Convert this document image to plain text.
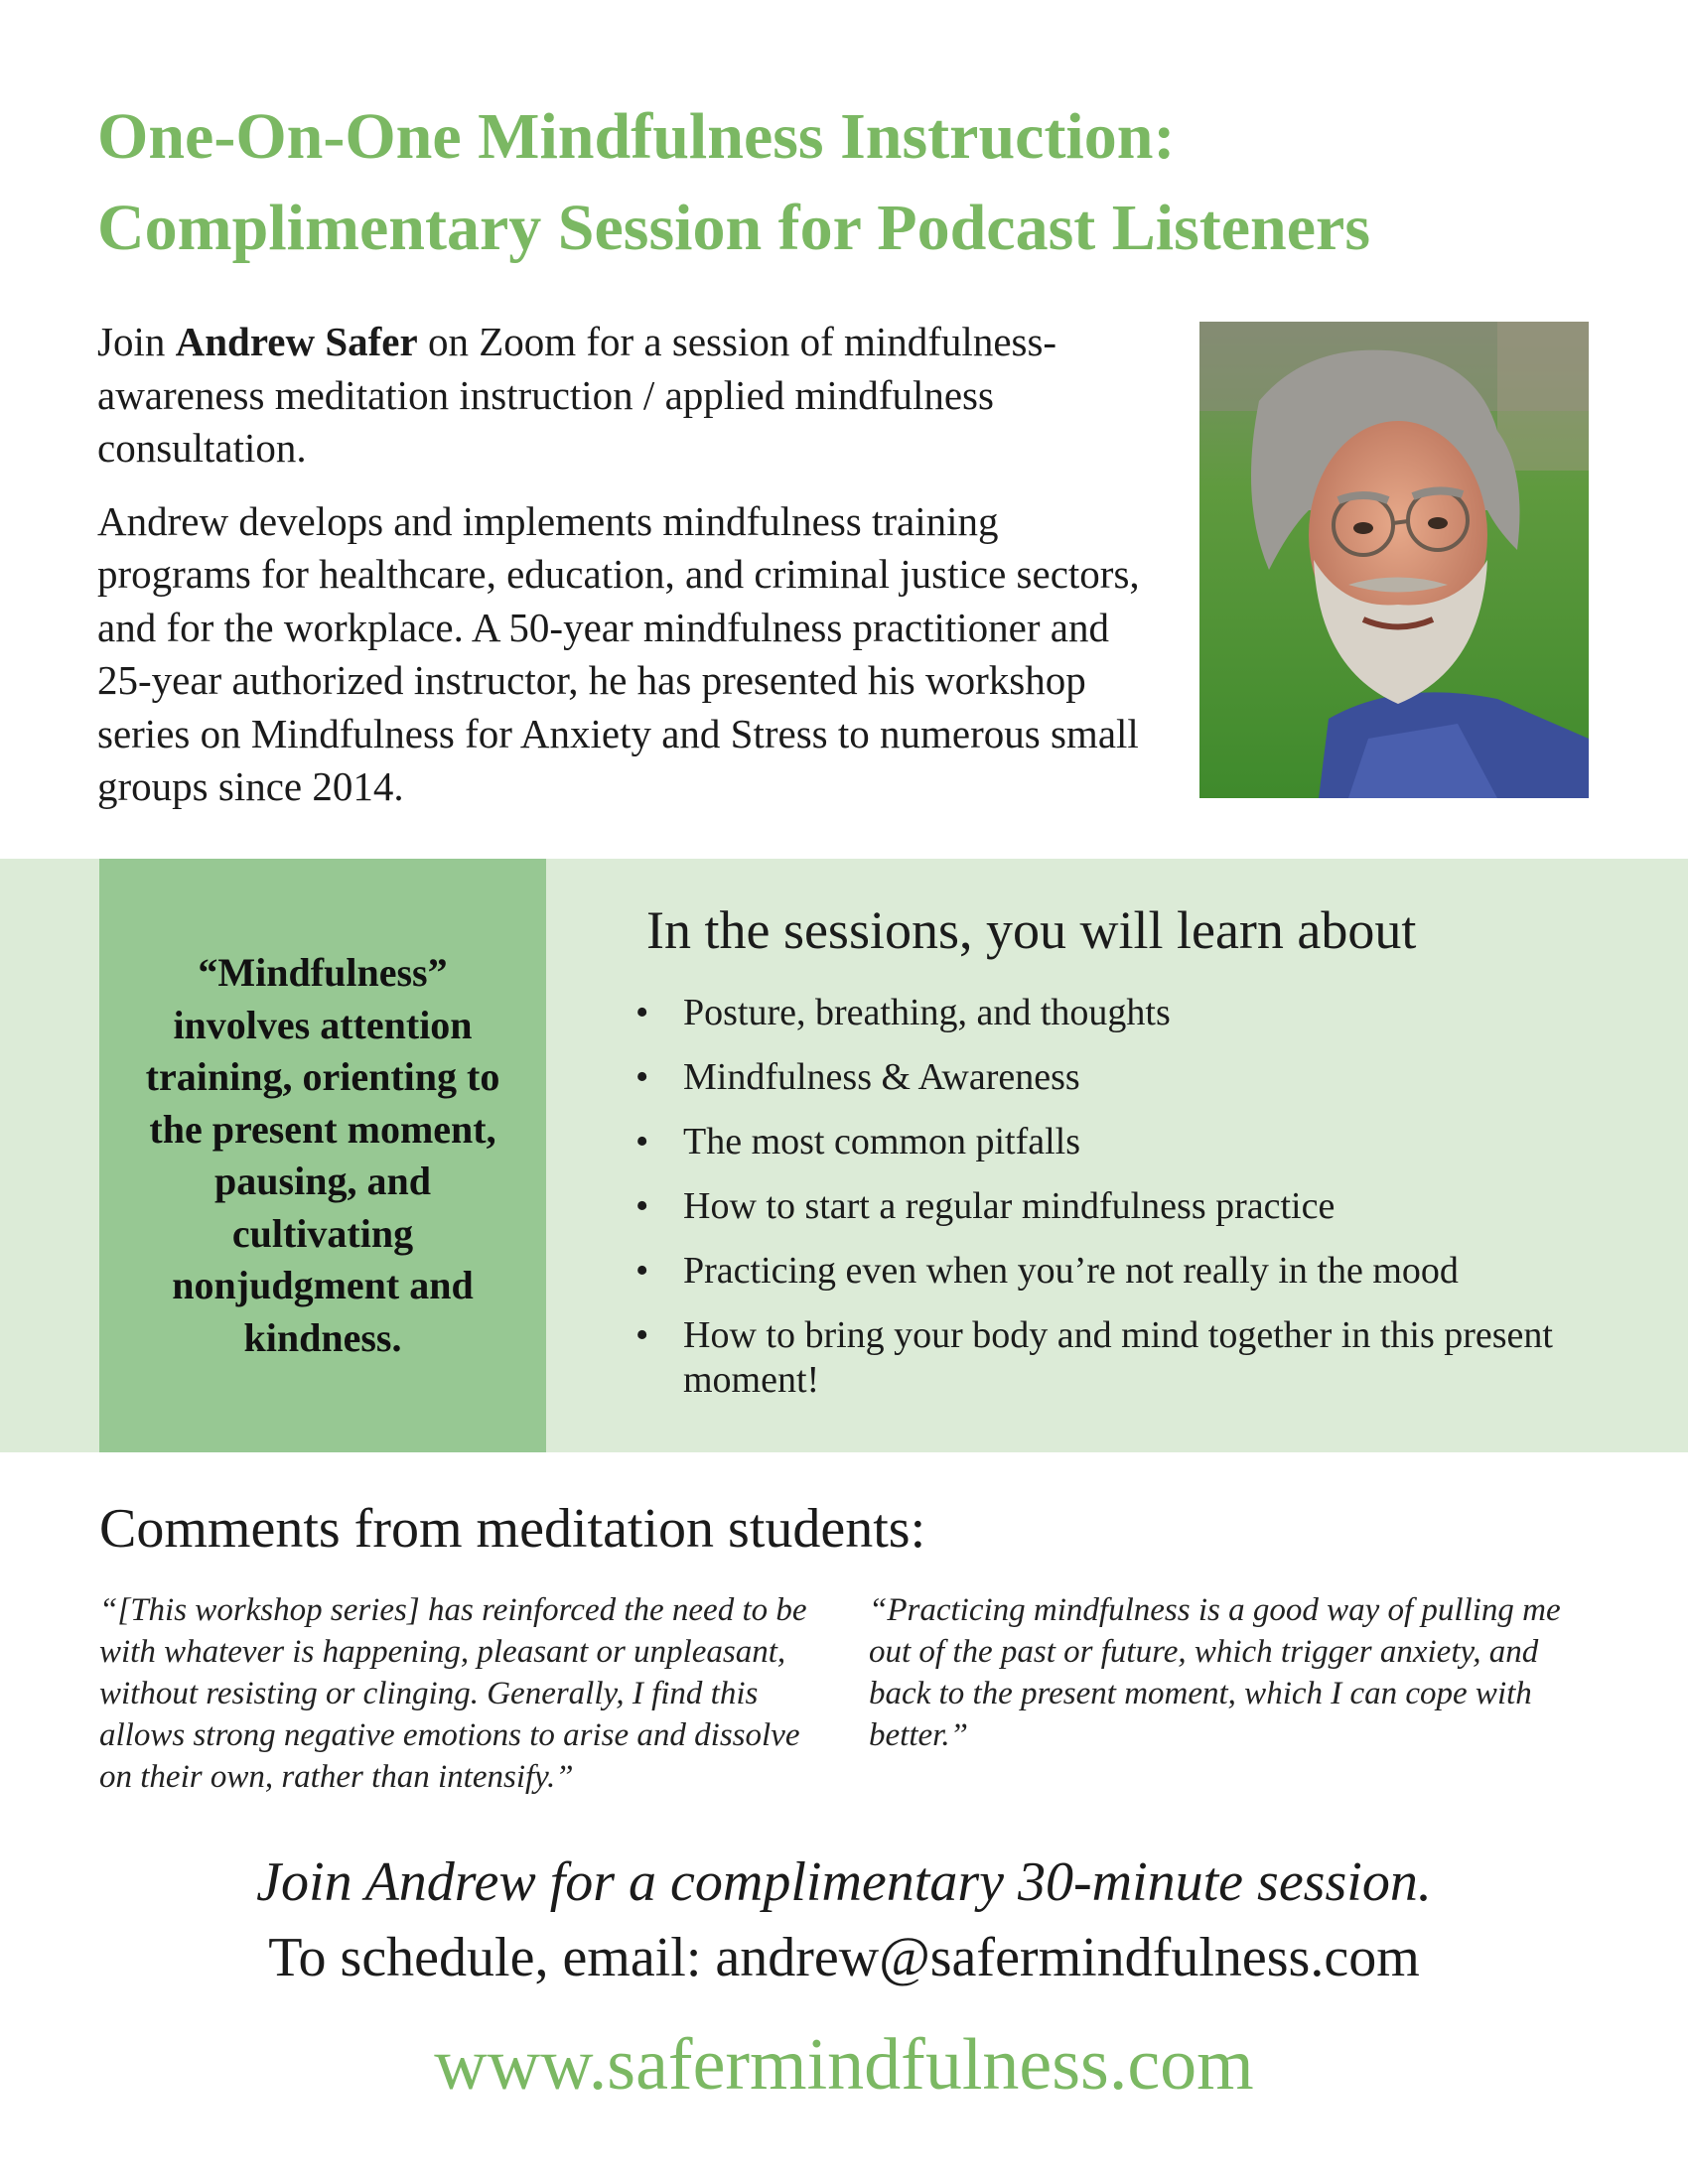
One-On-One Mindfulness Instruction:
Complimentary Session for Podcast Listeners

Join Andrew Safer on Zoom for a session of mindfulness-awareness meditation instruction / applied mindfulness consultation.

Andrew develops and implements mindfulness training programs for healthcare, education, and criminal justice sectors, and for the workplace. A 50-year mindfulness practitioner and 25-year authorized instructor, he has presented his workshop series on Mindfulness for Anxiety and Stress to numerous small groups since 2014.

“Mindfulness” involves attention training, orienting to the present moment, pausing, and cultivating nonjudgment and kindness.
In the sessions, you will learn about
• Posture, breathing, and thoughts
• Mindfulness & Awareness
• The most common pitfalls
• How to start a regular mindfulness practice
• Practicing even when you’re not really in the mood
• How to bring your body and mind together in this present moment!
Comments from meditation students:

“[This workshop series] has reinforced the need to be with whatever is happening, pleasant or unpleasant, without resisting or clinging. Generally, I find this allows strong negative emotions to arise and dissolve on their own, rather than intensify.”

“Practicing mindfulness is a good way of pulling me out of the past or future, which trigger anxiety, and back to the present moment, which I can cope with better.”

Join Andrew for a complimentary 30-minute session.
To schedule, email: andrew@safermindfulness.com
www.safermindfulness.com
